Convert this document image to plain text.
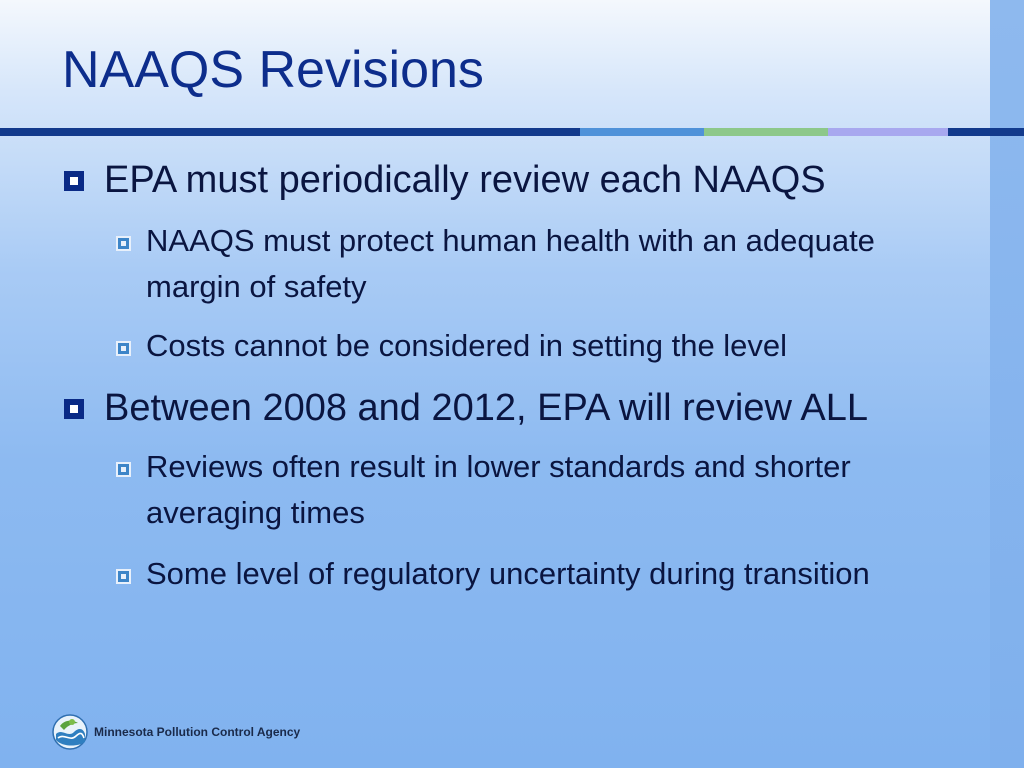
NAAQS Revisions
EPA must periodically review each NAAQS
NAAQS must protect human health with an adequate margin of safety
Costs cannot be considered in setting the level
Between 2008 and 2012, EPA will review ALL
Reviews often result in lower standards and shorter averaging times
Some level of regulatory uncertainty during transition
Minnesota Pollution Control Agency
